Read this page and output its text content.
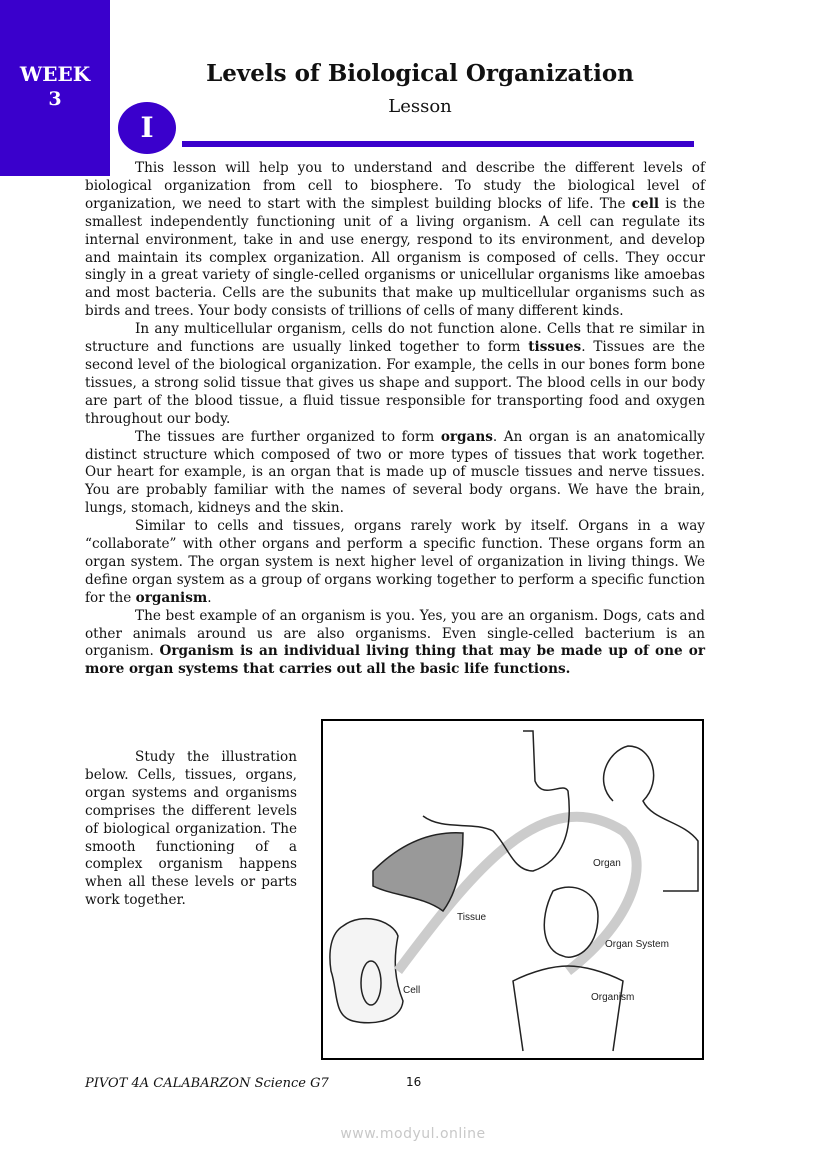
WEEK
3
Levels of Biological Organization
Lesson
I

This lesson will help you to understand and describe the different levels of biological organization from cell to biosphere. To study the biological level of organization, we need to start with the simplest building blocks of life. The cell is the smallest independently functioning unit of a living organism. A cell can regulate its internal environment, take in and use energy, respond to its environment, and develop and maintain its complex organization. All organism is composed of cells. They occur singly in a great variety of single-celled organisms or unicellular organisms like amoebas and most bacteria. Cells are the subunits that make up multicellular organisms such as birds and trees. Your body consists of trillions of cells of many different kinds.

In any multicellular organism, cells do not function alone. Cells that re similar in structure and functions are usually linked together to form tissues. Tissues are the second level of the biological organization. For example, the cells in our bones form bone tissues, a strong solid tissue that gives us shape and support. The blood cells in our body are part of the blood tissue, a fluid tissue responsible for transporting food and oxygen throughout our body.

The tissues are further organized to form organs. An organ is an anatomically distinct structure which composed of two or more types of tissues that work together. Our heart for example, is an organ that is made up of muscle tissues and nerve tissues. You are probably familiar with the names of several body organs. We have the brain, lungs, stomach, kidneys and the skin.

Similar to cells and tissues, organs rarely work by itself. Organs in a way “collaborate” with other organs and perform a specific function. These organs form an organ system. The organ system is next higher level of organization in living things. We define organ system as a group of organs working together to perform a specific function for the organism.

The best example of an organism is you. Yes, you are an organism. Dogs, cats and other animals around us are also organisms. Even single-celled bacterium is an organism. Organism is an individual living thing that may be made up of one or more organ systems that carries out all the basic life functions.

Study the illustration below. Cells, tissues, organs, organ systems and organisms comprises the different levels of biological organization. The smooth functioning of a complex organism happens when all these levels or parts work together.

Organ
Tissue
Cell
Organ System
Organism
PIVOT 4A CALABARZON Science G7	16
www.modyul.online
